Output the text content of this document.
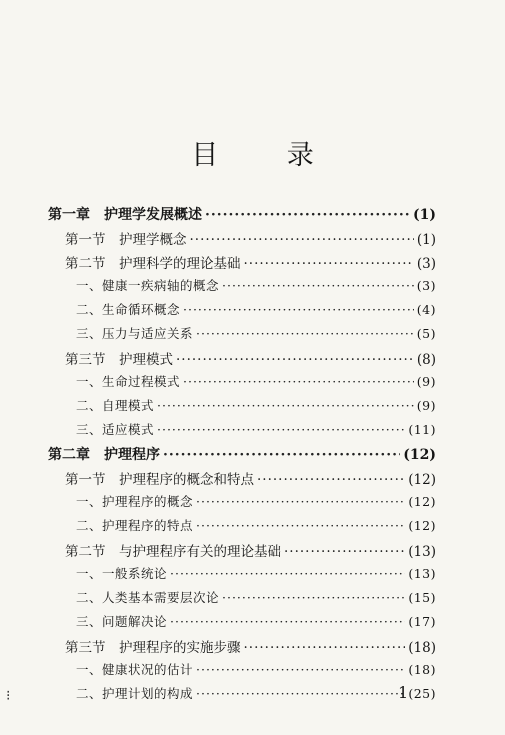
目 录
第一章　护理学发展概述 ·····	(1)
第一节　护理学概念 ·····	(1)
第二节　护理科学的理论基础 ·····	(3)
一、健康一疾病轴的概念 ·····	(3)
二、生命循环概念 ·····	(4)
三、压力与适应关系 ·····	(5)
第三节　护理模式 ·····	(8)
一、生命过程模式 ·····	(9)
二、自理模式 ·····	(9)
三、适应模式 ·····	(11)
第二章　护理程序 ·····	(12)
第一节　护理程序的概念和特点 ·····	(12)
一、护理程序的概念 ·····	(12)
二、护理程序的特点 ·····	(12)
第二节　与护理程序有关的理论基础 ·····	(13)
一、一般系统论 ·····	(13)
二、人类基本需要层次论 ·····	(15)
三、问题解决论 ·····	(17)
第三节　护理程序的实施步骤 ·····	(18)
一、健康状况的估计 ·····	(18)
二、护理计划的构成 ·····	(25)
⁝	1
